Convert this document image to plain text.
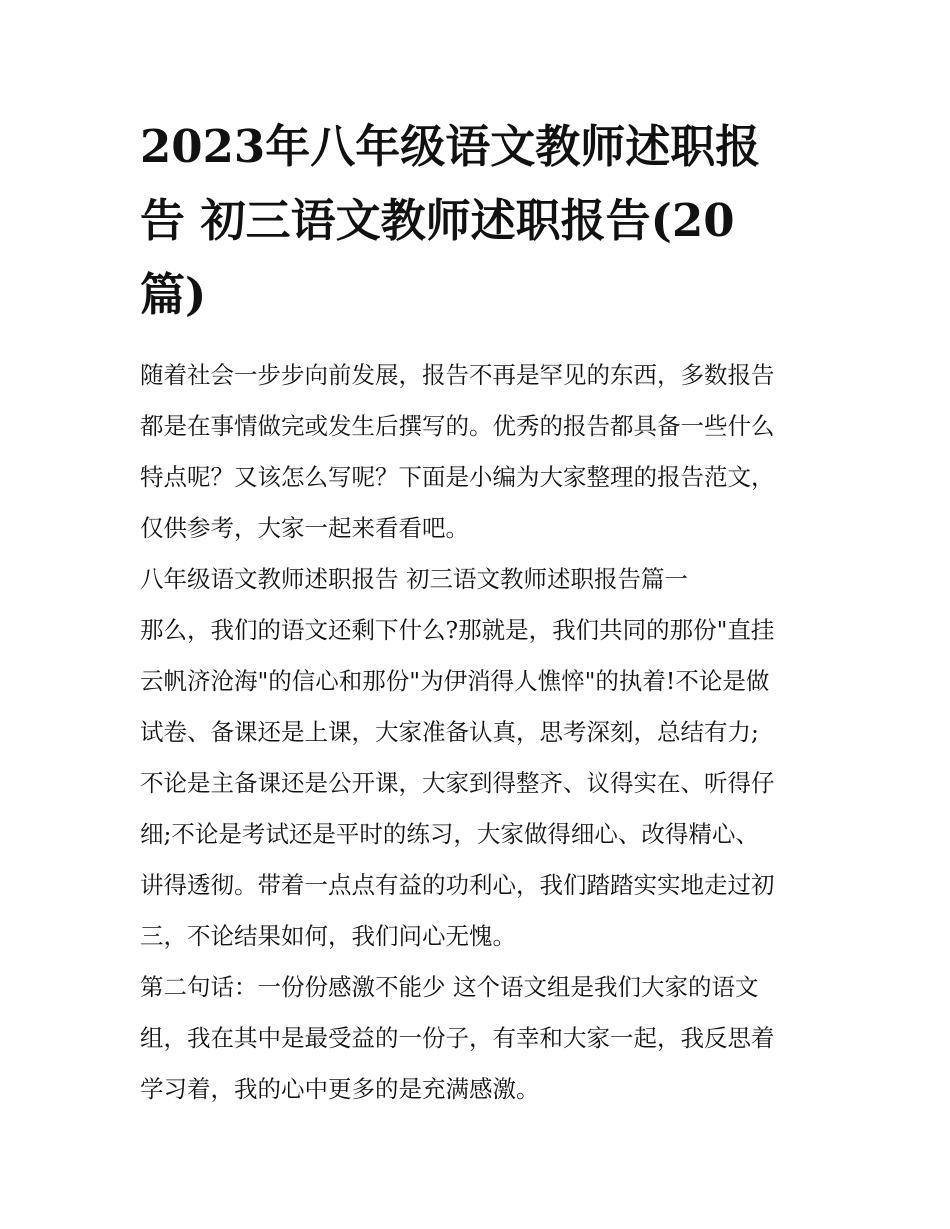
2023年八年级语文教师述职报
告 初三语文教师述职报告(20
篇)

随着社会一步步向前发展，报告不再是罕见的东西，多数报告
都是在事情做完或发生后撰写的。优秀的报告都具备一些什么
特点呢？又该怎么写呢？下面是小编为大家整理的报告范文，
仅供参考，大家一起来看看吧。

八年级语文教师述职报告 初三语文教师述职报告篇一

那么，我们的语文还剩下什么?那就是，我们共同的那份"直挂
云帆济沧海"的信心和那份"为伊消得人憔悴"的执着!不论是做
试卷、备课还是上课，大家准备认真，思考深刻，总结有力;
不论是主备课还是公开课，大家到得整齐、议得实在、听得仔
细;不论是考试还是平时的练习，大家做得细心、改得精心、
讲得透彻。带着一点点有益的功利心，我们踏踏实实地走过初
三，不论结果如何，我们问心无愧。

第二句话：一份份感激不能少 这个语文组是我们大家的语文
组，我在其中是最受益的一份子，有幸和大家一起，我反思着
学习着，我的心中更多的是充满感激。
